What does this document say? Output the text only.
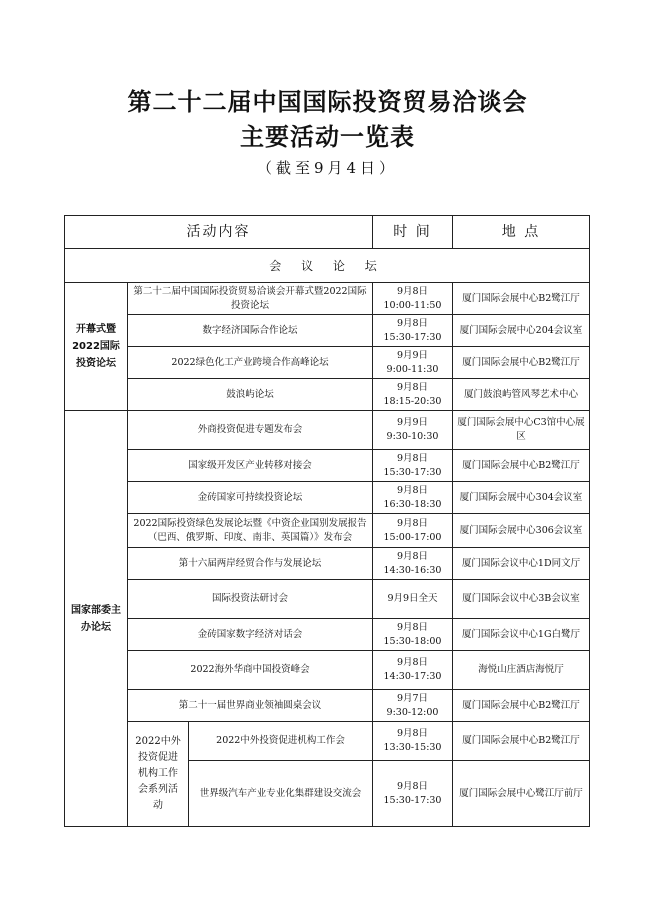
第二十二届中国国际投资贸易洽谈会
主要活动一览表
（截至9月4日）
活动内容			时 间	地 点
会 议 论 坛				
开幕式暨2022国际投资论坛	第二十二届中国国际投资贸易洽谈会开幕式暨2022国际投资论坛		9月8日
10:00-11:50	厦门国际会展中心B2鹭江厅
	数字经济国际合作论坛		9月8日
15:30-17:30	厦门国际会展中心204会议室
	2022绿色化工产业跨境合作高峰论坛		9月9日
9:00-11:30	厦门国际会展中心B2鹭江厅
	鼓浪屿论坛		9月8日
18:15-20:30	厦门鼓浪屿管风琴艺术中心
国家部委主办论坛	外商投资促进专题发布会		9月9日
9:30-10:30	厦门国际会展中心C3馆中心展区
	国家级开发区产业转移对接会		9月8日
15:30-17:30	厦门国际会展中心B2鹭江厅
	金砖国家可持续投资论坛		9月8日
16:30-18:30	厦门国际会展中心304会议室
	2022国际投资绿色发展论坛暨《中资企业国别发展报告（巴西、俄罗斯、印度、南非、英国篇）》发布会		9月8日
15:00-17:00	厦门国际会展中心306会议室
	第十六届两岸经贸合作与发展论坛		9月8日
14:30-16:30	厦门国际会议中心1D同文厅
	国际投资法研讨会		9月9日全天	厦门国际会议中心3B会议室
	金砖国家数字经济对话会		9月8日
15:30-18:00	厦门国际会议中心1G白鹭厅
	2022海外华商中国投资峰会		9月8日
14:30-17:30	海悦山庄酒店海悦厅
	第二十一届世界商业领袖圆桌会议		9月7日
9:30-12:00	厦门国际会展中心B2鹭江厅
	2022中外投资促进机构工作会系列活动	2022中外投资促进机构工作会	9月8日
13:30-15:30	厦门国际会展中心B2鹭江厅
		世界级汽车产业专业化集群建设交流会	9月8日
15:30-17:30	厦门国际会展中心鹭江厅前厅
